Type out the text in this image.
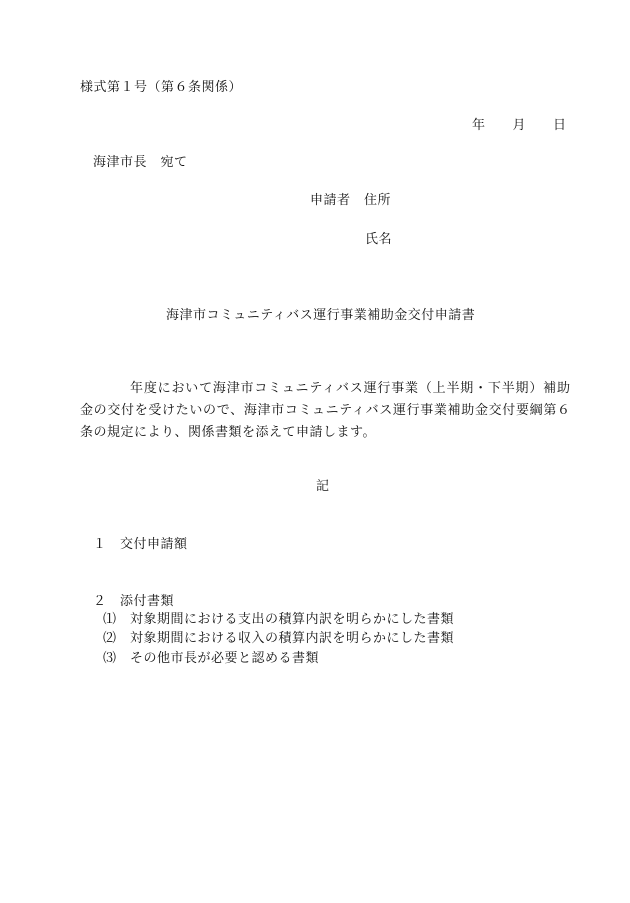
様式第１号（第６条関係）
年　　月　　日
海津市長　宛て
申請者　住所
氏名
海津市コミュニティバス運行事業補助金交付申請書
年度において海津市コミュニティバス運行事業（上半期・下半期）補助
金の交付を受けたいので、海津市コミュニティバス運行事業補助金交付要綱第６
条の規定により、関係書類を添えて申請します。
記
１　交付申請額
２　添付書類
⑴　対象期間における支出の積算内訳を明らかにした書類
⑵　対象期間における収入の積算内訳を明らかにした書類
⑶　その他市長が必要と認める書類
